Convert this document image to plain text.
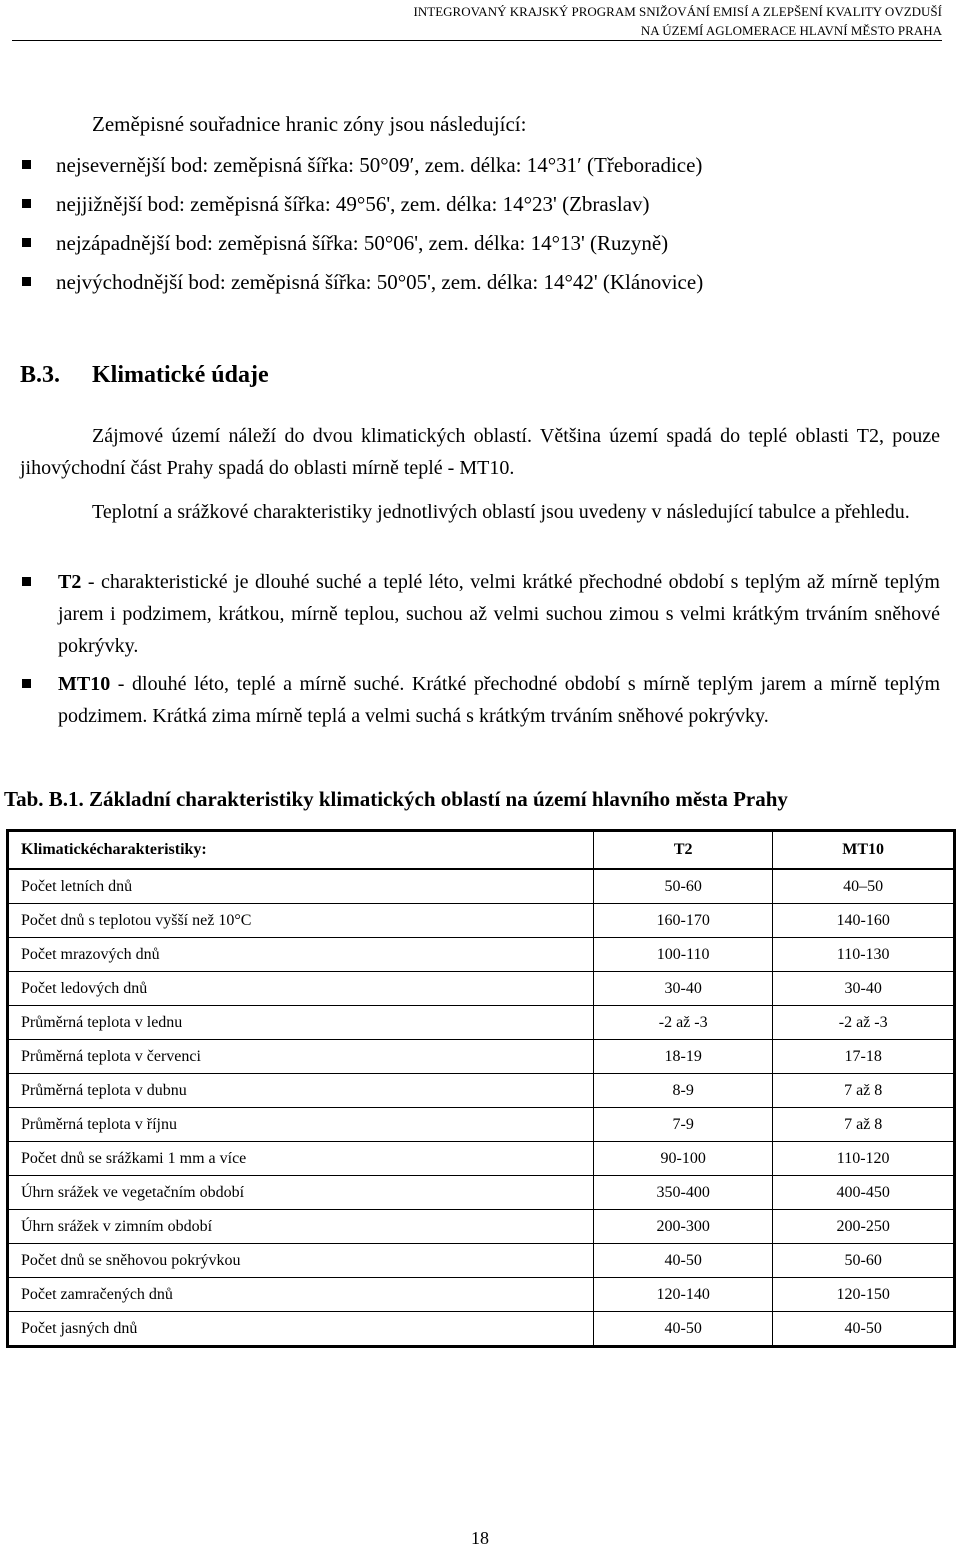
INTEGROVANÝ KRAJSKÝ PROGRAM SNIŽOVÁNÍ EMISÍ A ZLEPŠENÍ KVALITY OVZDUŠÍ
NA ÚZEMÍ AGLOMERACE HLAVNÍ MĚSTO PRAHA
Zeměpisné souřadnice hranic zóny jsou následující:
nejsevernější bod: zeměpisná šířka: 50°09′, zem. délka: 14°31′ (Třeboradice)
nejjižnější bod: zeměpisná šířka: 49°56', zem. délka: 14°23' (Zbraslav)
nejzápadnější bod: zeměpisná šířka: 50°06', zem. délka: 14°13' (Ruzyně)
nejvýchodnější bod: zeměpisná šířka: 50°05', zem. délka: 14°42' (Klánovice)
B.3. Klimatické údaje
Zájmové území náleží do dvou klimatických oblastí. Většina území spadá do teplé oblasti T2, pouze jihovýchodní část Prahy spadá do oblasti mírně teplé - MT10.
Teplotní a srážkové charakteristiky jednotlivých oblastí jsou uvedeny v následující tabulce a přehledu.
T2 - charakteristické je dlouhé suché a teplé léto, velmi krátké přechodné období s teplým až mírně teplým jarem i podzimem, krátkou, mírně teplou, suchou až velmi suchou zimou s velmi krátkým trváním sněhové pokrývky.
MT10 - dlouhé léto, teplé a mírně suché. Krátké přechodné období s mírně teplým jarem a mírně teplým podzimem. Krátká zima mírně teplá a velmi suchá s krátkým trváním sněhové pokrývky.
Tab. B.1. Základní charakteristiky klimatických oblastí na území hlavního města Prahy
Klimatickécharakteristiky:	T2	MT10
Počet letních dnů	50-60	40–50
Počet dnů s teplotou vyšší než 10°C	160-170	140-160
Počet mrazových dnů	100-110	110-130
Počet ledových dnů	30-40	30-40
Průměrná teplota v lednu	-2 až -3	-2 až -3
Průměrná teplota v červenci	18-19	17-18
Průměrná teplota v dubnu	8-9	7 až 8
Průměrná teplota v říjnu	7-9	7 až 8
Počet dnů se srážkami 1 mm a více	90-100	110-120
Úhrn srážek ve vegetačním období	350-400	400-450
Úhrn srážek v zimním období	200-300	200-250
Počet dnů se sněhovou pokrývkou	40-50	50-60
Počet zamračených dnů	120-140	120-150
Počet jasných dnů	40-50	40-50
18
